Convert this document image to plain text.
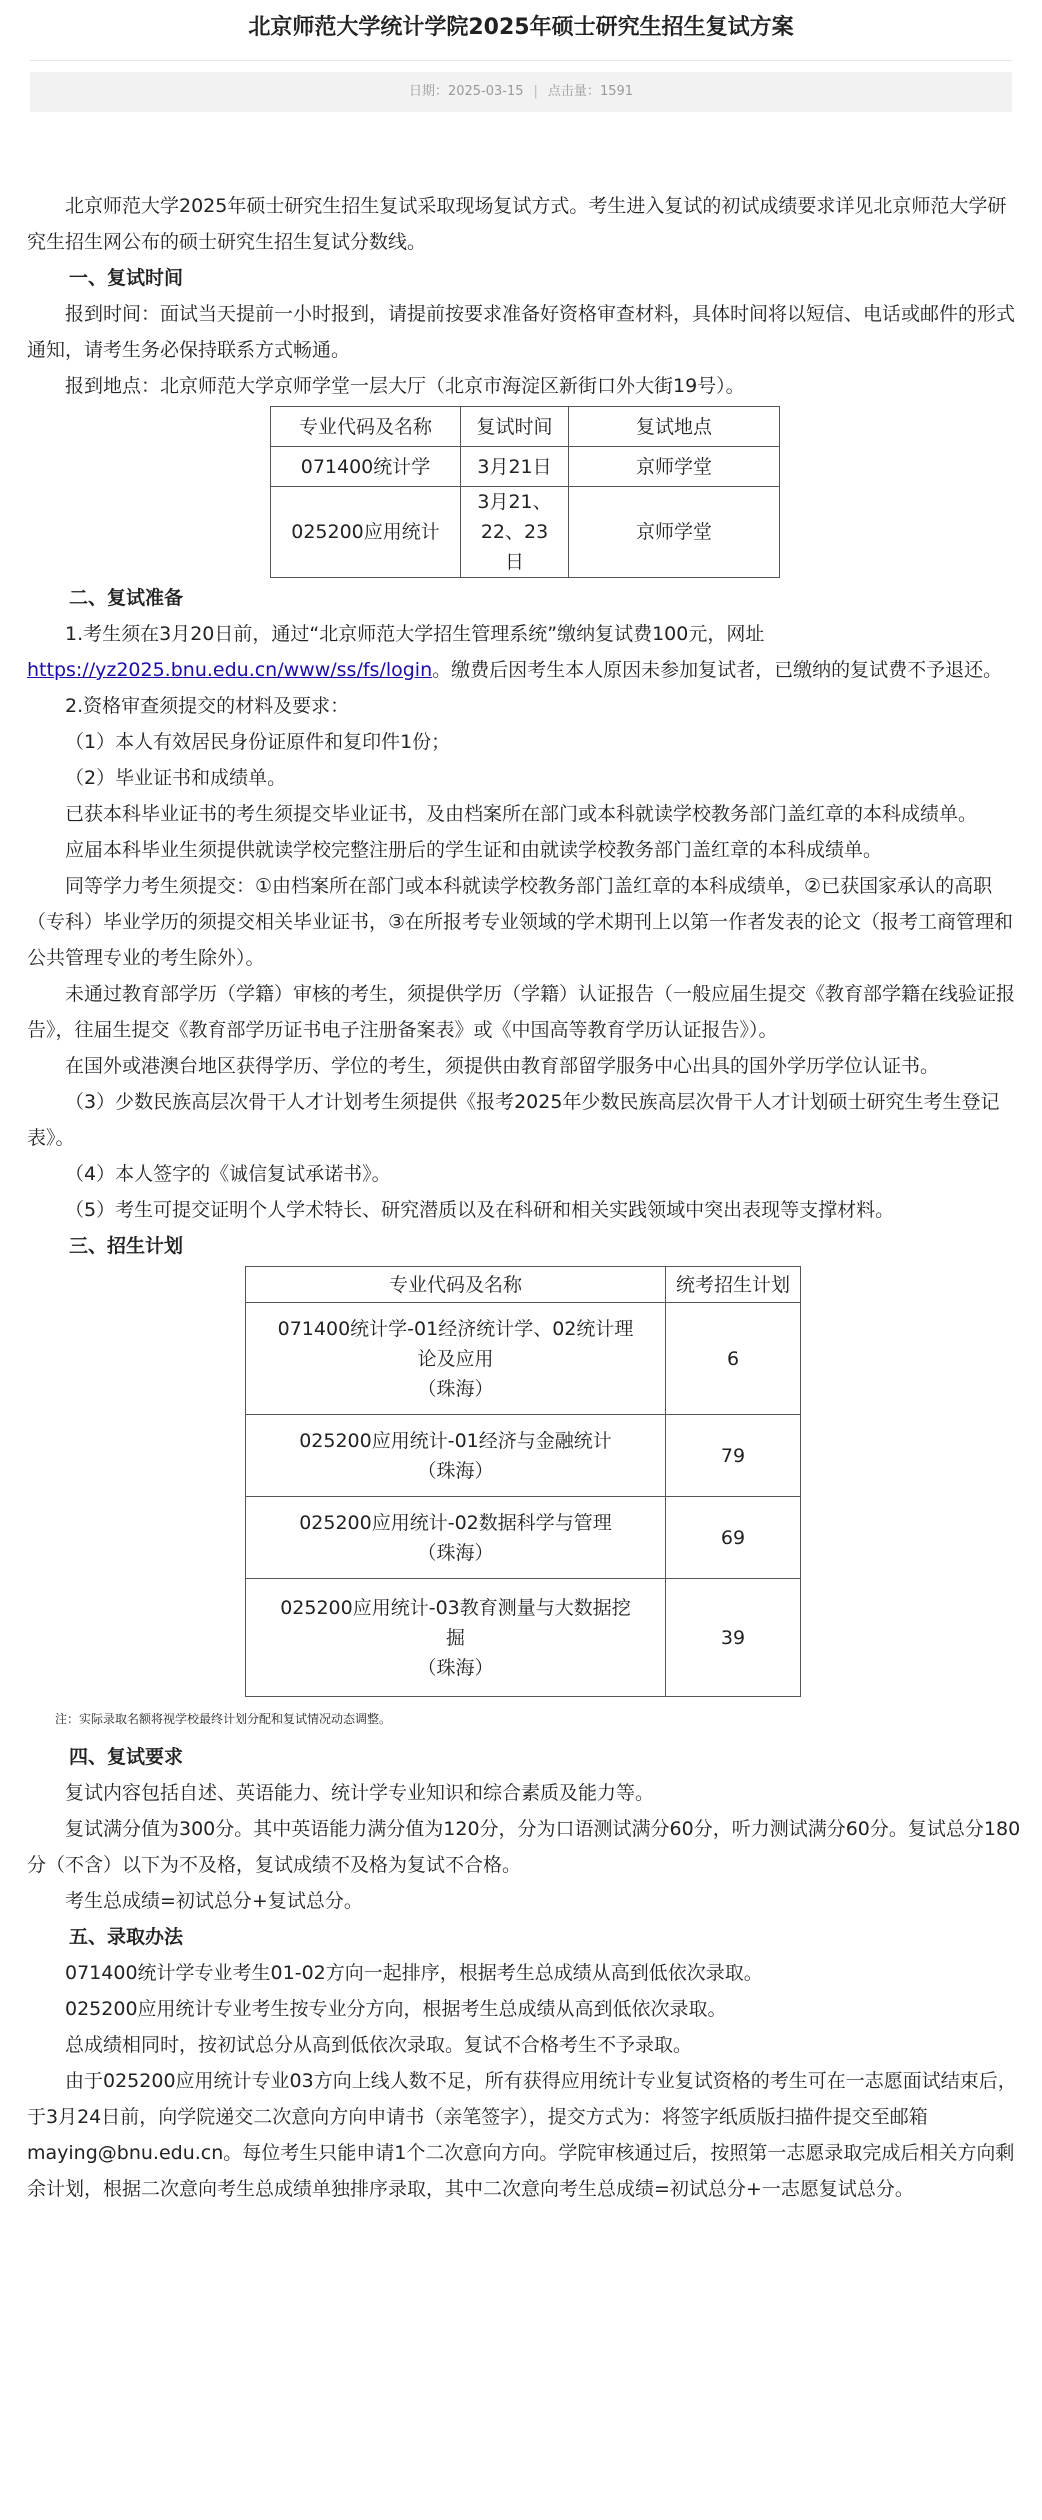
北京师范大学统计学院2025年硕士研究生招生复试方案
日期：2025-03-15 | 点击量：1591
北京师范大学2025年硕士研究生招生复试采取现场复试方式。考生进入复试的初试成绩要求详见北京师范大学研究生招生网公布的硕士研究生招生复试分数线。
一、复试时间
报到时间：面试当天提前一小时报到，请提前按要求准备好资格审查材料，具体时间将以短信、电话或邮件的形式通知，请考生务必保持联系方式畅通。
报到地点：北京师范大学京师学堂一层大厅（北京市海淀区新街口外大街19号）。
专业代码及名称	复试时间	复试地点
071400统计学	3月21日	京师学堂
025200应用统计	3月21、22、23日	京师学堂
二、复试准备
1.考生须在3月20日前，通过“北京师范大学招生管理系统”缴纳复试费100元，网址https://yz2025.bnu.edu.cn/www/ss/fs/login。缴费后因考生本人原因未参加复试者，已缴纳的复试费不予退还。
2.资格审查须提交的材料及要求：
（1）本人有效居民身份证原件和复印件1份；
（2）毕业证书和成绩单。
已获本科毕业证书的考生须提交毕业证书，及由档案所在部门或本科就读学校教务部门盖红章的本科成绩单。
应届本科毕业生须提供就读学校完整注册后的学生证和由就读学校教务部门盖红章的本科成绩单。
同等学力考生须提交：①由档案所在部门或本科就读学校教务部门盖红章的本科成绩单，②已获国家承认的高职（专科）毕业学历的须提交相关毕业证书，③在所报考专业领域的学术期刊上以第一作者发表的论文（报考工商管理和公共管理专业的考生除外）。
未通过教育部学历（学籍）审核的考生，须提供学历（学籍）认证报告（一般应届生提交《教育部学籍在线验证报告》，往届生提交《教育部学历证书电子注册备案表》或《中国高等教育学历认证报告》）。
在国外或港澳台地区获得学历、学位的考生，须提供由教育部留学服务中心出具的国外学历学位认证书。
（3）少数民族高层次骨干人才计划考生须提供《报考2025年少数民族高层次骨干人才计划硕士研究生考生登记表》。
（4）本人签字的《诚信复试承诺书》。
（5）考生可提交证明个人学术特长、研究潜质以及在科研和相关实践领域中突出表现等支撑材料。
三、招生计划
专业代码及名称	统考招生计划

071400统计学-01经济统计学、02统计理论及应用
（珠海）	6

025200应用统计-01经济与金融统计
（珠海）	79

025200应用统计-02数据科学与管理
（珠海）	69

025200应用统计-03教育测量与大数据挖掘
（珠海）	39
注：实际录取名额将视学校最终计划分配和复试情况动态调整。
四、复试要求
复试内容包括自述、英语能力、统计学专业知识和综合素质及能力等。
复试满分值为300分。其中英语能力满分值为120分，分为口语测试满分60分，听力测试满分60分。复试总分180分（不含）以下为不及格，复试成绩不及格为复试不合格。
考生总成绩=初试总分+复试总分。
五、录取办法
071400统计学专业考生01-02方向一起排序，根据考生总成绩从高到低依次录取。
025200应用统计专业考生按专业分方向，根据考生总成绩从高到低依次录取。
总成绩相同时，按初试总分从高到低依次录取。复试不合格考生不予录取。
由于025200应用统计专业03方向上线人数不足，所有获得应用统计专业复试资格的考生可在一志愿面试结束后，于3月24日前，向学院递交二次意向方向申请书（亲笔签字），提交方式为：将签字纸质版扫描件提交至邮箱maying@bnu.edu.cn。每位考生只能申请1个二次意向方向。学院审核通过后，按照第一志愿录取完成后相关方向剩余计划，根据二次意向考生总成绩单独排序录取，其中二次意向考生总成绩=初试总分+一志愿复试总分。
